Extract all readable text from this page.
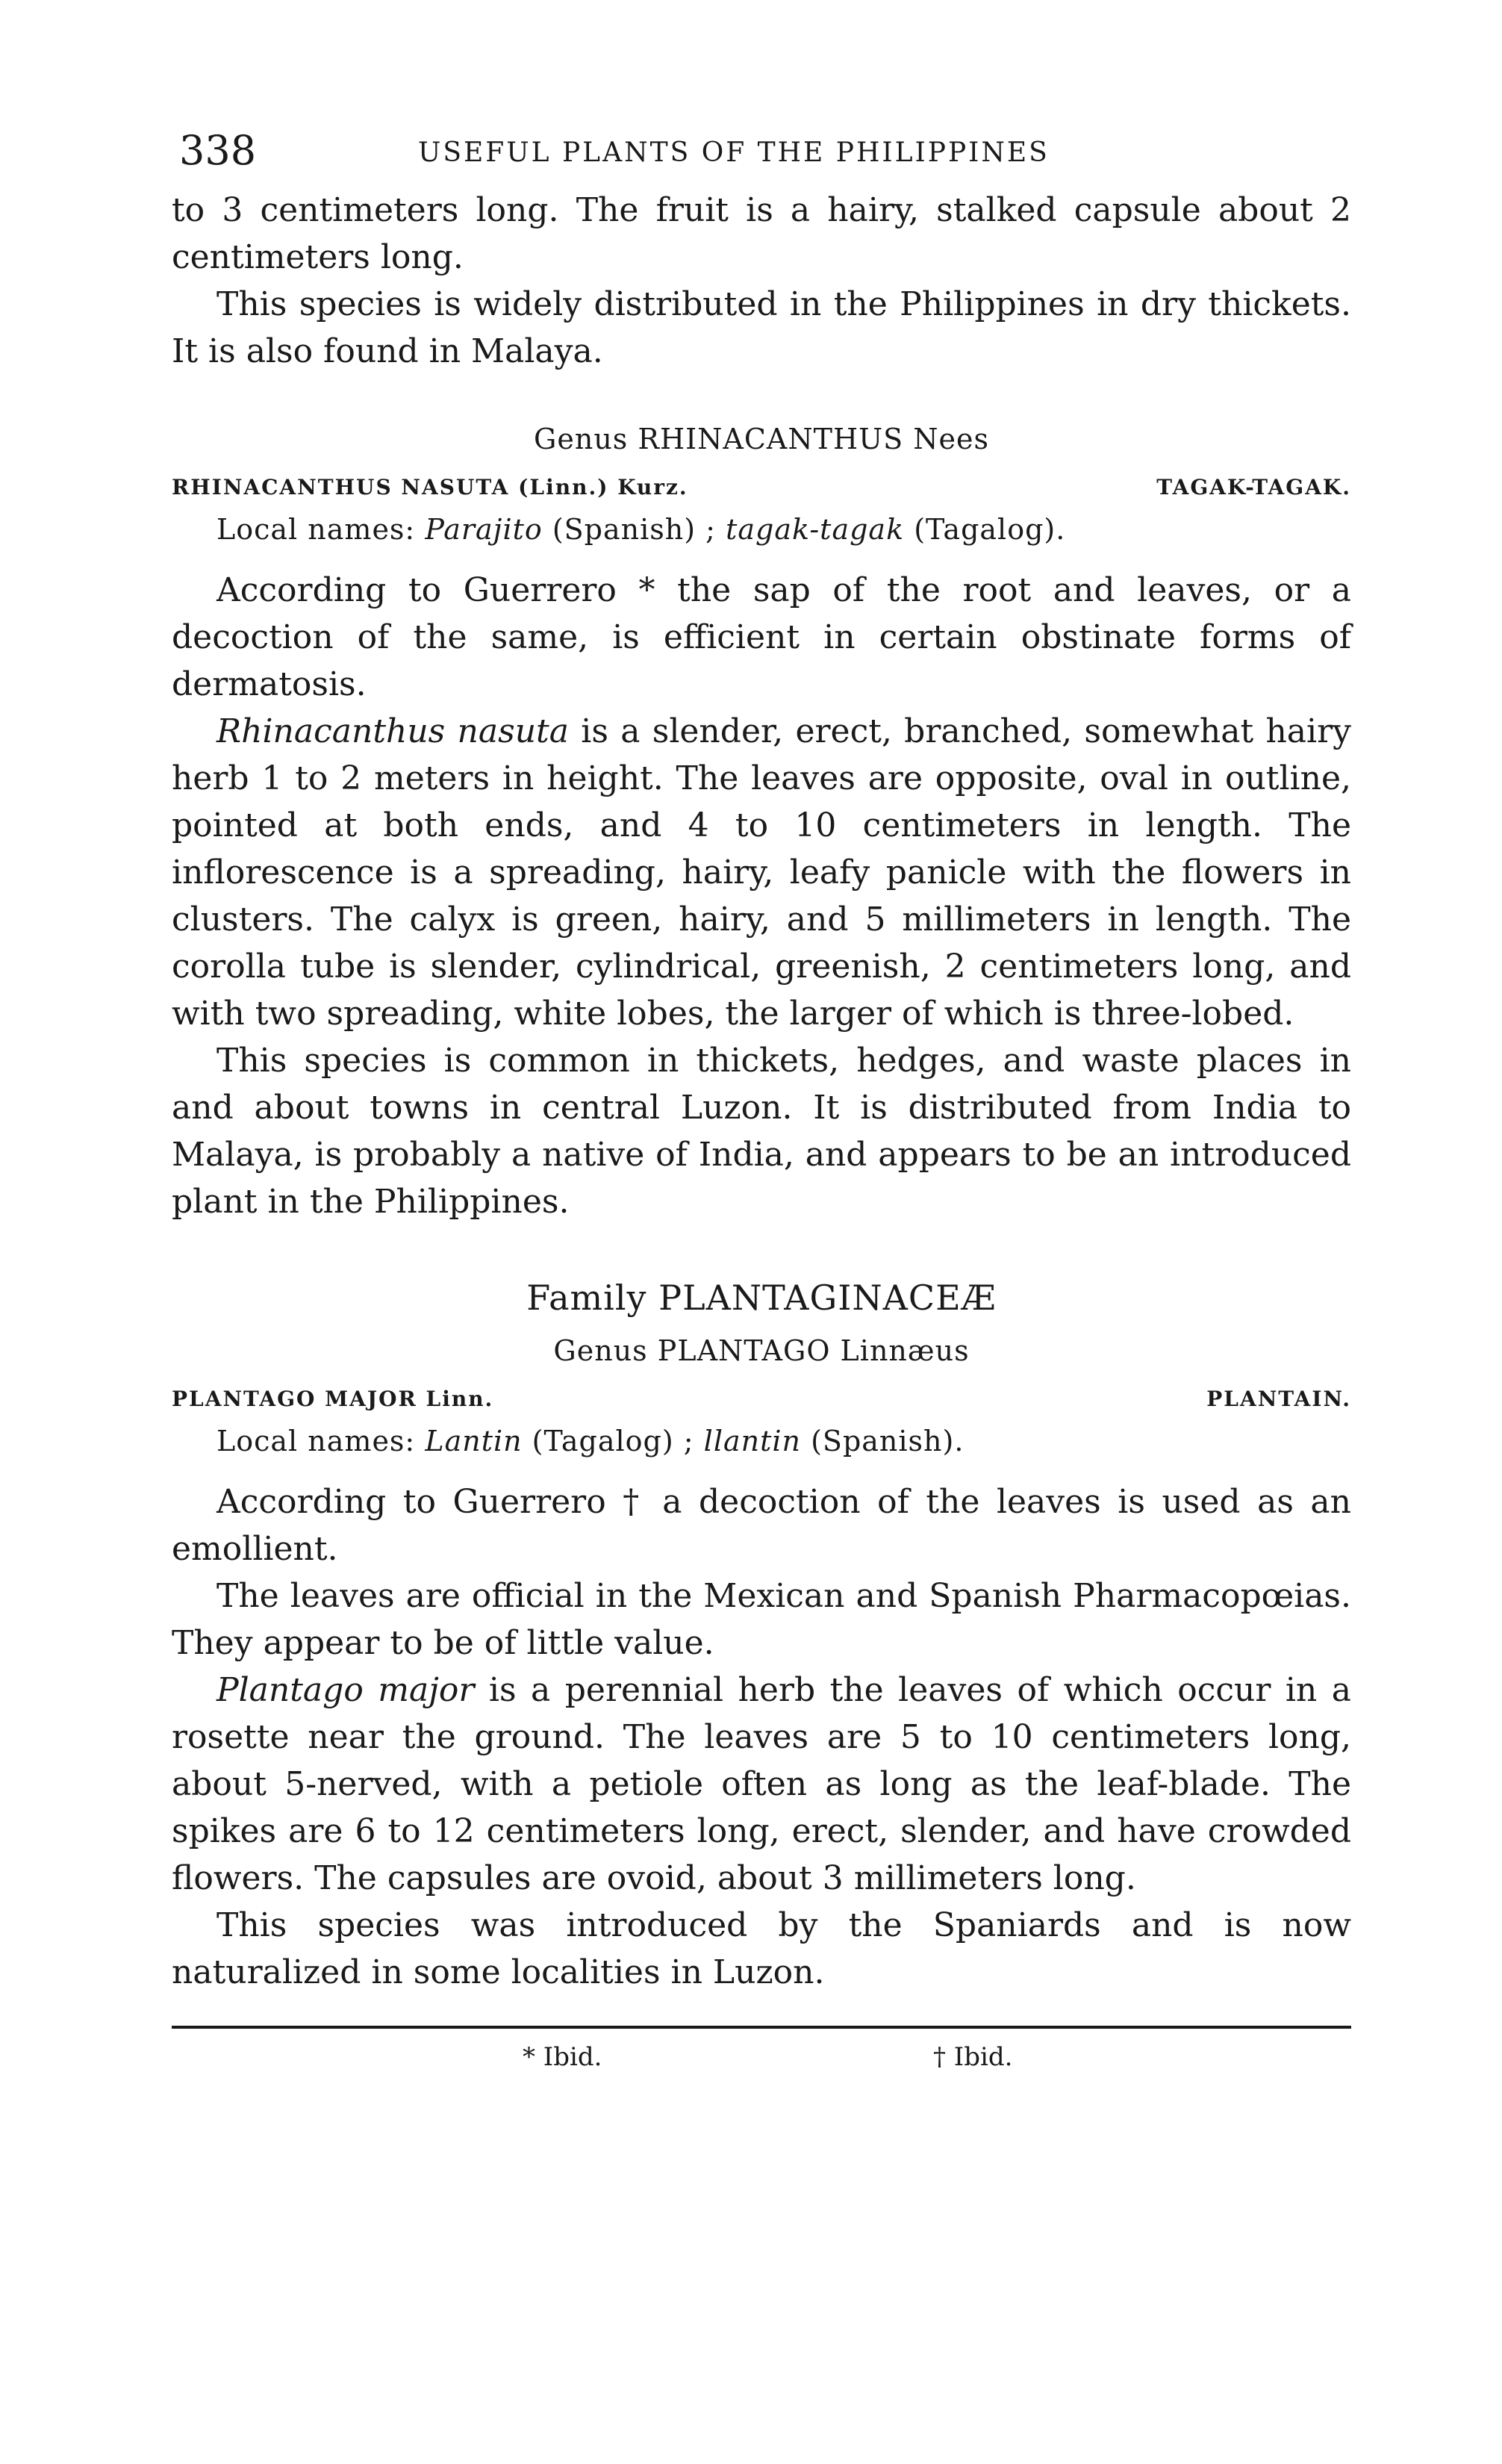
338	USEFUL PLANTS OF THE PHILIPPINES

to 3 centimeters long. The fruit is a hairy, stalked capsule about 2 centimeters long.

This species is widely distributed in the Philippines in dry thickets. It is also found in Malaya.

Genus RHINACANTHUS Nees
RHINACANTHUS NASUTA (Linn.) Kurz.	TAGAK-TAGAK.
Local names: Parajito (Spanish) ; tagak-tagak (Tagalog).

According to Guerrero * the sap of the root and leaves, or a decoction of the same, is efficient in certain obstinate forms of dermatosis.

Rhinacanthus nasuta is a slender, erect, branched, somewhat hairy herb 1 to 2 meters in height. The leaves are opposite, oval in outline, pointed at both ends, and 4 to 10 centimeters in length. The inflorescence is a spreading, hairy, leafy panicle with the flowers in clusters. The calyx is green, hairy, and 5 millimeters in length. The corolla tube is slender, cylindrical, greenish, 2 centimeters long, and with two spreading, white lobes, the larger of which is three-lobed.

This species is common in thickets, hedges, and waste places in and about towns in central Luzon. It is distributed from India to Malaya, is probably a native of India, and appears to be an introduced plant in the Philippines.

Family PLANTAGINACEÆ
Genus PLANTAGO Linnæus
PLANTAGO MAJOR Linn.	PLANTAIN.
Local names: Lantin (Tagalog) ; llantin (Spanish).

According to Guerrero † a decoction of the leaves is used as an emollient.

The leaves are official in the Mexican and Spanish Pharmacopœias. They appear to be of little value.

Plantago major is a perennial herb the leaves of which occur in a rosette near the ground. The leaves are 5 to 10 centimeters long, about 5-nerved, with a petiole often as long as the leaf-blade. The spikes are 6 to 12 centimeters long, erect, slender, and have crowded flowers. The capsules are ovoid, about 3 millimeters long.

This species was introduced by the Spaniards and is now naturalized in some localities in Luzon.

* Ibid.	† Ibid.
